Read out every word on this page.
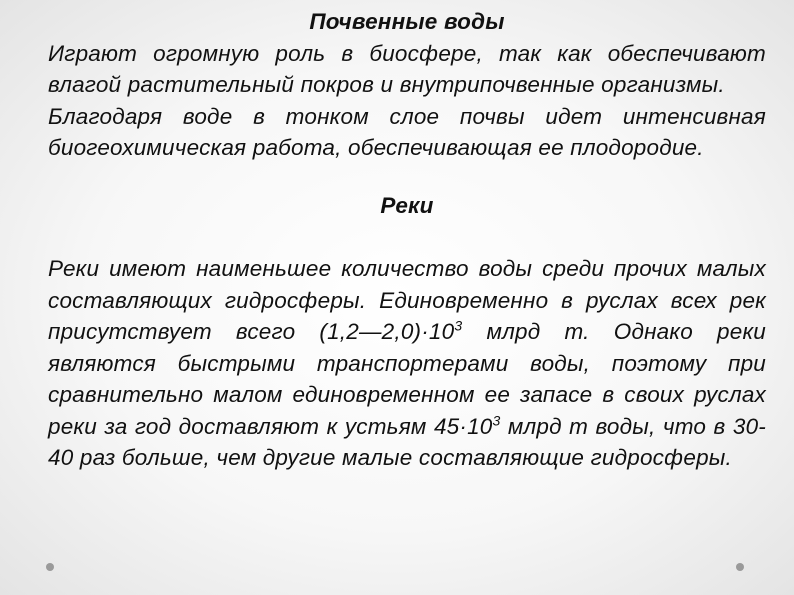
Почвенные воды

Играют огромную роль в биосфере, так как обеспечивают влагой растительный покров и внутрипочвенные организмы.

Благодаря воде в тонком слое почвы идет интенсивная биогеохимическая работа, обеспечивающая ее плодородие.

Реки

Реки имеют наименьшее количество воды среди прочих малых составляющих гидросферы. Единовременно в руслах всех рек присутствует всего $(1,2—2,0)\cdot 10^3$ млрд т. Однако реки являются быстрыми транспортерами воды, поэтому при сравнительно малом единовременном ее запасе в своих руслах реки за год доставляют к устьям $45\cdot 10^3$ млрд т воды, что в 30-40 раз больше, чем другие малые составляющие гидросферы.
